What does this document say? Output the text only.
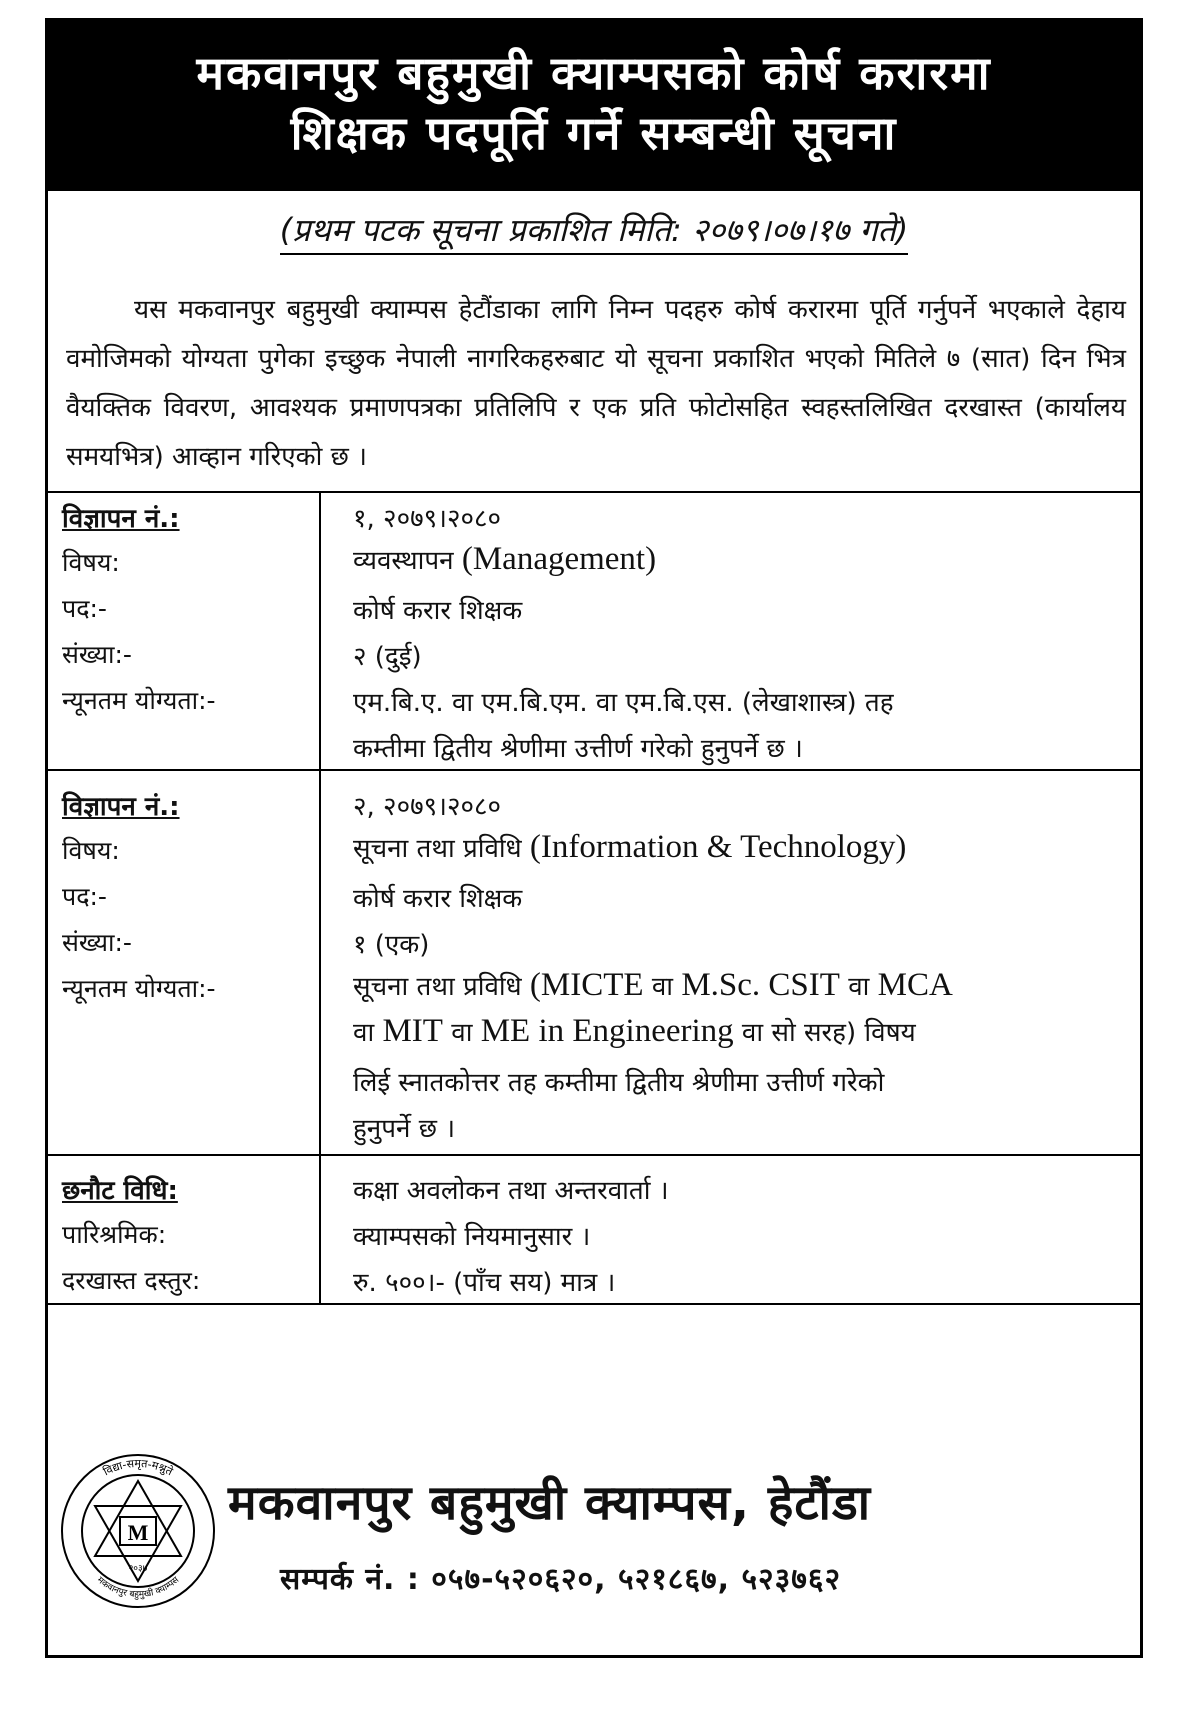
मकवानपुर बहुमुखी क्याम्पसको कोर्ष करारमा
शिक्षक पदपूर्ति गर्ने सम्बन्धी सूचना
(प्रथम पटक सूचना प्रकाशित मिति: २०७९।०७।१७ गते)
यस मकवानपुर बहुमुखी क्याम्पस हेटौंडाका लागि निम्न पदहरु कोर्ष करारमा पूर्ति गर्नुपर्ने भएकाले देहाय वमोजिमको योग्यता पुगेका इच्छुक नेपाली नागरिकहरुबाट यो सूचना प्रकाशित भएको मितिले ७ (सात) दिन भित्र वैयक्तिक विवरण, आवश्यक प्रमाणपत्रका प्रतिलिपि र एक प्रति फोटोसहित स्वहस्तलिखित दरखास्त (कार्यालय समयभित्र) आव्हान गरिएको छ ।
विज्ञापन नं.:	१, २०७९।२०८०
विषय:	व्यवस्थापन (Management)
पद:-	कोर्ष करार शिक्षक
संख्या:-	२ (दुई)
न्यूनतम योग्यता:-	एम.बि.ए. वा एम.बि.एम. वा एम.बि.एस. (लेखाशास्त्र) तह
कम्तीमा द्वितीय श्रेणीमा उत्तीर्ण गरेको हुनुपर्ने छ ।
विज्ञापन नं.:	२, २०७९।२०८०
विषय:	सूचना तथा प्रविधि (Information & Technology)
पद:-	कोर्ष करार शिक्षक
संख्या:-	१ (एक)
न्यूनतम योग्यता:-	सूचना तथा प्रविधि (MICTE वा M.Sc. CSIT वा MCA
वा MIT वा ME in Engineering वा सो सरह) विषय
लिई स्नातकोत्तर तह कम्तीमा द्वितीय श्रेणीमा उत्तीर्ण गरेको
हुनुपर्ने छ ।
छनौट विधि:	कक्षा अवलोकन तथा अन्तरवार्ता ।
पारिश्रमिक:	क्याम्पसको नियमानुसार ।
दरखास्त दस्तुर:	रु. ५००।- (पाँच सय) मात्र ।
M
२०३७
विद्या-समृत-मश्नुते
मकवानपुर बहुमुखी क्याम्पस
मकवानपुर बहुमुखी क्याम्पस, हेटौंडा
सम्पर्क नं. : ०५७-५२०६२०, ५२१८६७, ५२३७६२
